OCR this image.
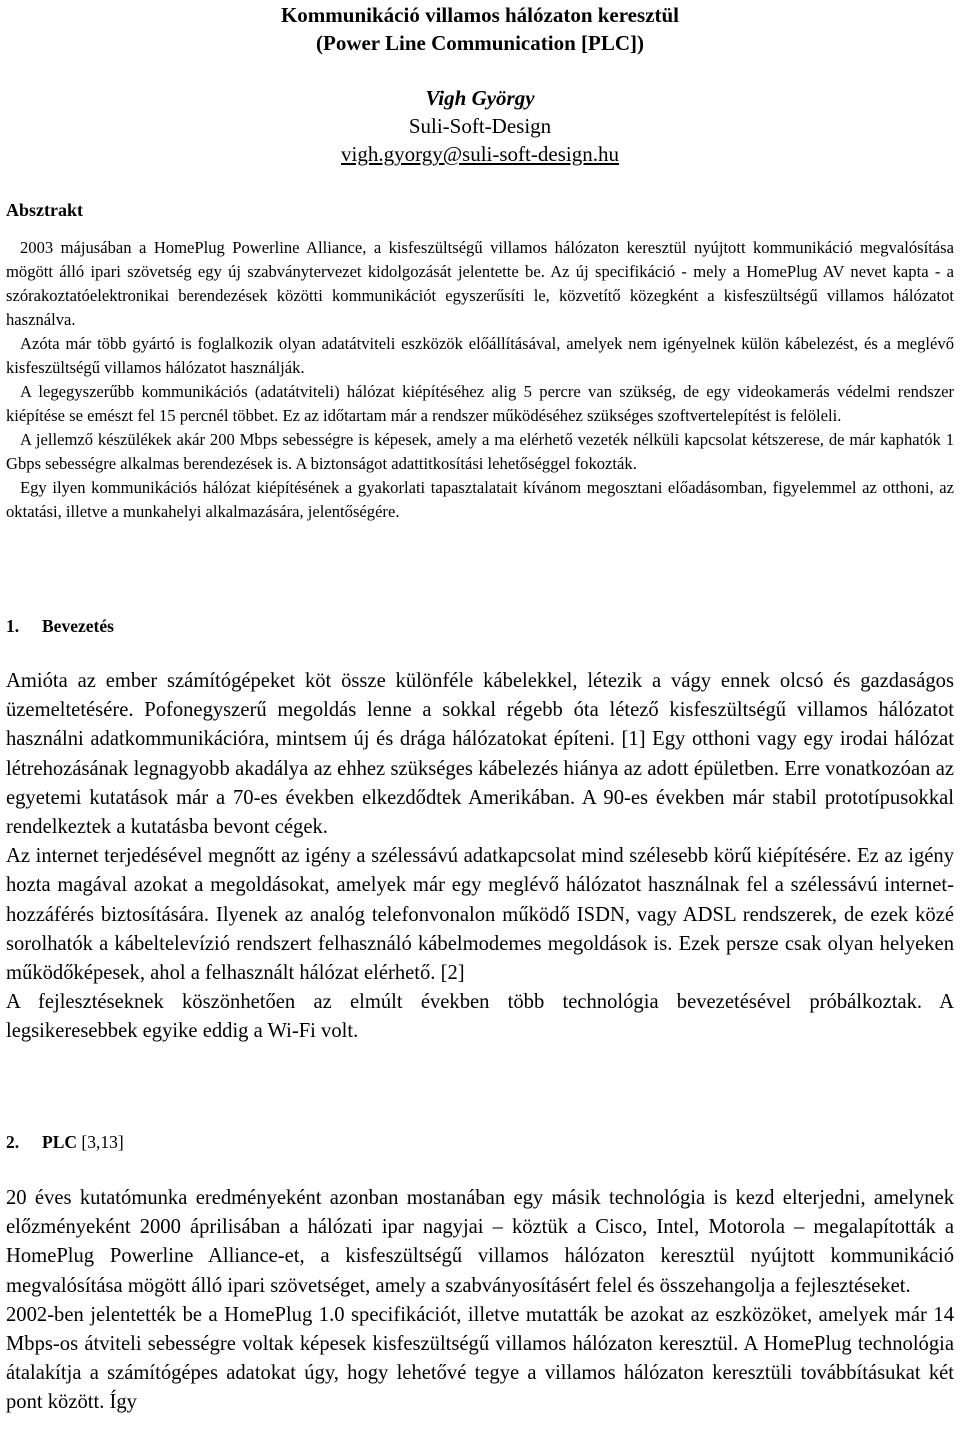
Kommunikáció villamos hálózaton keresztül
(Power Line Communication [PLC])
Vigh György
Suli-Soft-Design
vigh.gyorgy@suli-soft-design.hu
Absztrakt

2003 májusában a HomePlug Powerline Alliance, a kisfeszültségű villamos hálózaton keresztül nyújtott kommunikáció megvalósítása mögött álló ipari szövetség egy új szabványtervezet kidolgozását jelentette be. Az új specifikáció - mely a HomePlug AV nevet kapta - a szórakoztatóelektronikai berendezések közötti kommunikációt egyszerűsíti le, közvetítő közegként a kisfeszültségű villamos hálózatot használva.

Azóta már több gyártó is foglalkozik olyan adatátviteli eszközök előállításával, amelyek nem igényelnek külön kábelezést, és a meglévő kisfeszültségű villamos hálózatot használják.

A legegyszerűbb kommunikációs (adatátviteli) hálózat kiépítéséhez alig 5 percre van szükség, de egy videokamerás védelmi rendszer kiépítése se emészt fel 15 percnél többet. Ez az időtartam már a rendszer működéséhez szükséges szoftvertelepítést is felöleli.

A jellemző készülékek akár 200 Mbps sebességre is képesek, amely a ma elérhető vezeték nélküli kapcsolat kétszerese, de már kaphatók 1 Gbps sebességre alkalmas berendezések is. A biztonságot adattitkosítási lehetőséggel fokozták.

Egy ilyen kommunikációs hálózat kiépítésének a gyakorlati tapasztalatait kívánom megosztani előadásomban, figyelemmel az otthoni, az oktatási, illetve a munkahelyi alkalmazására, jelentőségére.

1. Bevezetés

Amióta az ember számítógépeket köt össze különféle kábelekkel, létezik a vágy ennek olcsó és gazdaságos üzemeltetésére. Pofonegyszerű megoldás lenne a sokkal régebb óta létező kisfeszültségű villamos hálózatot használni adatkommunikációra, mintsem új és drága hálózatokat építeni. [1] Egy otthoni vagy egy irodai hálózat létrehozásának legnagyobb akadálya az ehhez szükséges kábelezés hiánya az adott épületben. Erre vonatkozóan az egyetemi kutatások már a 70-es években elkezdődtek Amerikában. A 90-es években már stabil prototípusokkal rendelkeztek a kutatásba bevont cégek.

Az internet terjedésével megnőtt az igény a szélessávú adatkapcsolat mind szélesebb körű kiépítésére. Ez az igény hozta magával azokat a megoldásokat, amelyek már egy meglévő hálózatot használnak fel a szélessávú internet-hozzáférés biztosítására. Ilyenek az analóg telefonvonalon működő ISDN, vagy ADSL rendszerek, de ezek közé sorolhatók a kábeltelevízió rendszert felhasználó kábelmodemes megoldások is. Ezek persze csak olyan helyeken működőképesek, ahol a felhasznált hálózat elérhető. [2]

A fejlesztéseknek köszönhetően az elmúlt években több technológia bevezetésével próbálkoztak. A legsikeresebbek egyike eddig a Wi-Fi volt.

2. PLC [3,13]

20 éves kutatómunka eredményeként azonban mostanában egy másik technológia is kezd elterjedni, amelynek előzményeként 2000 áprilisában a hálózati ipar nagyjai – köztük a Cisco, Intel, Motorola – megalapították a HomePlug Powerline Alliance-et, a kisfeszültségű villamos hálózaton keresztül nyújtott kommunikáció megvalósítása mögött álló ipari szövetséget, amely a szabványosításért felel és összehangolja a fejlesztéseket.

2002-ben jelentették be a HomePlug 1.0 specifikációt, illetve mutatták be azokat az eszközöket, amelyek már 14 Mbps-os átviteli sebességre voltak képesek kisfeszültségű villamos hálózaton keresztül. A HomePlug technológia átalakítja a számítógépes adatokat úgy, hogy lehetővé tegye a villamos hálózaton keresztüli továbbításukat két pont között. Így
